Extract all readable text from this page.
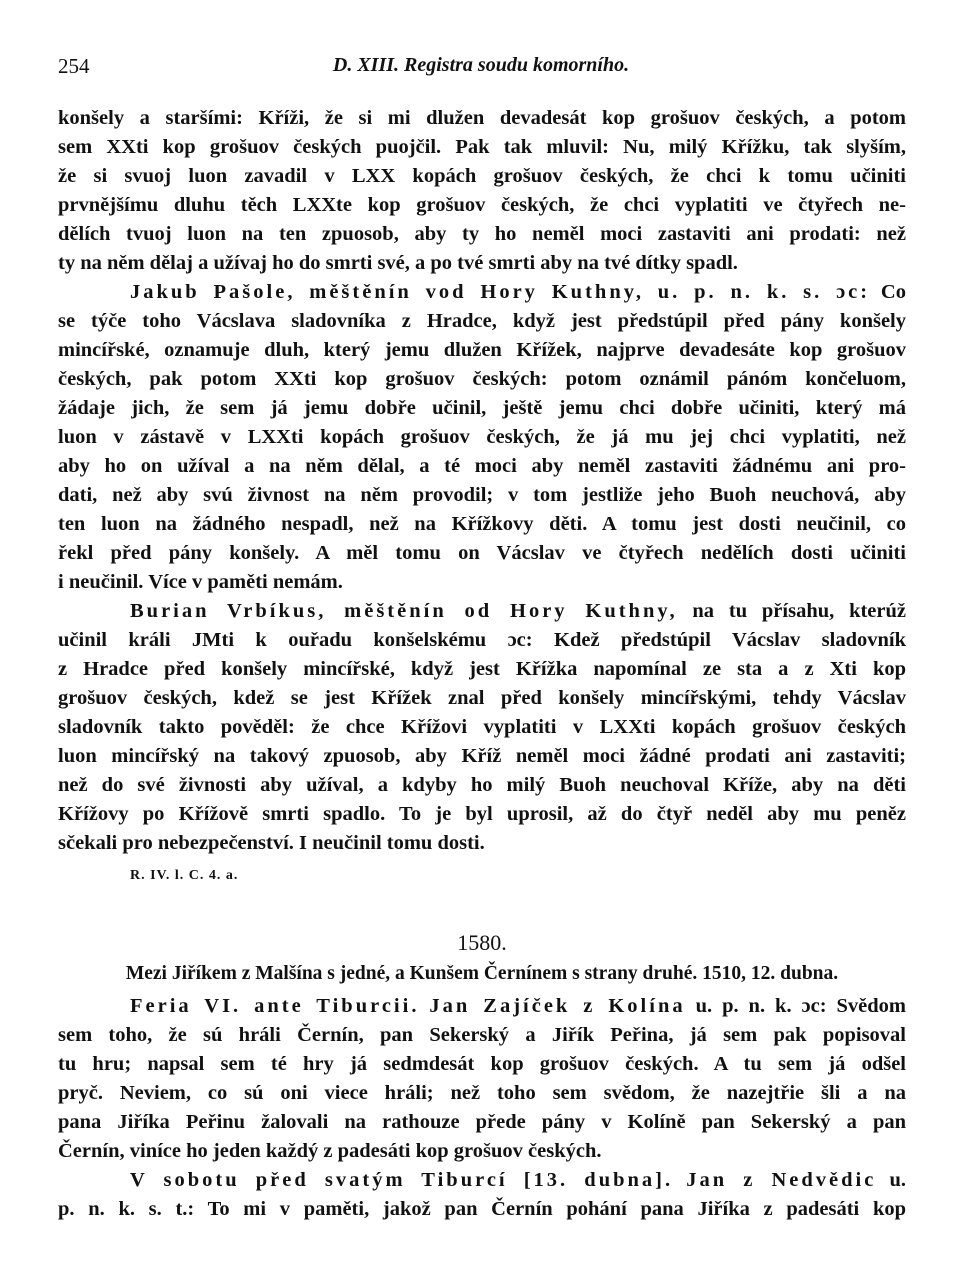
254	D. XIII. Registra soudu komorního.
konšely a staršími: Kříži, že si mi dlužen devadesát kop grošuov českých, a potom
sem XXti kop grošuov českých puojčil. Pak tak mluvil: Nu, milý Křížku, tak slyším,
že si svuoj luon zavadil v LXX kopách grošuov českých, že chci k tomu učiniti
prvnějšímu dluhu těch LXXte kop grošuov českých, že chci vyplatiti ve čtyřech ne-
dělích tvuoj luon na ten zpuosob, aby ty ho neměl moci zastaviti ani prodati: než
ty na něm dělaj a užívaj ho do smrti své, a po tvé smrti aby na tvé dítky spadl.
Jakub Pašole, měštěnín vod Hory Kuthny, u. p. n. k. s. ɔc: Co
se týče toho Vácslava sladovníka z Hradce, když jest předstúpil před pány konšely
mincířské, oznamuje dluh, který jemu dlužen Křížek, najprve devadesáte kop grošuov
českých, pak potom XXti kop grošuov českých: potom oznámil pánóm končeluom,
žádaje jich, že sem já jemu dobře učinil, ještě jemu chci dobře učiniti, který má
luon v zástavě v LXXti kopách grošuov českých, že já mu jej chci vyplatiti, než
aby ho on užíval a na něm dělal, a té moci aby neměl zastaviti žádnému ani pro-
dati, než aby svú živnost na něm provodil; v tom jestliže jeho Buoh neuchová, aby
ten luon na žádného nespadl, než na Křížkovy děti. A tomu jest dosti neučinil, co
řekl před pány konšely. A měl tomu on Vácslav ve čtyřech nedělích dosti učiniti
i neučinil. Více v paměti nemám.
Burian Vrbíkus, měštěnín od Hory Kuthny, na tu přísahu, kterúž
učinil králi JMti k ouřadu konšelskému ɔc: Kdež předstúpil Vácslav sladovník
z Hradce před konšely mincířské, když jest Křížka napomínal ze sta a z Xti kop
grošuov českých, kdež se jest Křížek znal před konšely mincířskými, tehdy Vácslav
sladovník takto pověděl: že chce Křížovi vyplatiti v LXXti kopách grošuov českých
luon mincířský na takový zpuosob, aby Kříž neměl moci žádné prodati ani zastaviti;
než do své živnosti aby užíval, a kdyby ho milý Buoh neuchoval Kříže, aby na děti
Křížovy po Křížově smrti spadlo. To je byl uprosil, až do čtyř neděl aby mu peněz
sčekali pro nebezpečenství. I neučinil tomu dosti.
R. IV. l. C. 4. a.
1580.
Mezi Jiříkem z Malšína s jedné, a Kunšem Černínem s strany druhé. 1510, 12. dubna.
Feria VI. ante Tiburcii. Jan Zajíček z Kolína u. p. n. k. ɔc: Svědom
sem toho, že sú hráli Černín, pan Sekerský a Jiřík Peřina, já sem pak popisoval
tu hru; napsal sem té hry já sedmdesát kop grošuov českých. A tu sem já odšel
pryč. Neviem, co sú oni viece hráli; než toho sem svědom, že nazejtřie šli a na
pana Jiříka Peřinu žalovali na rathouze přede pány v Kolíně pan Sekerský a pan
Černín, viníce ho jeden každý z padesáti kop grošuov českých.
V sobotu před svatým Tiburcí [13. dubna]. Jan z Nedvědic u.
p. n. k. s. t.: To mi v paměti, jakož pan Černín pohání pana Jiříka z padesáti kop
